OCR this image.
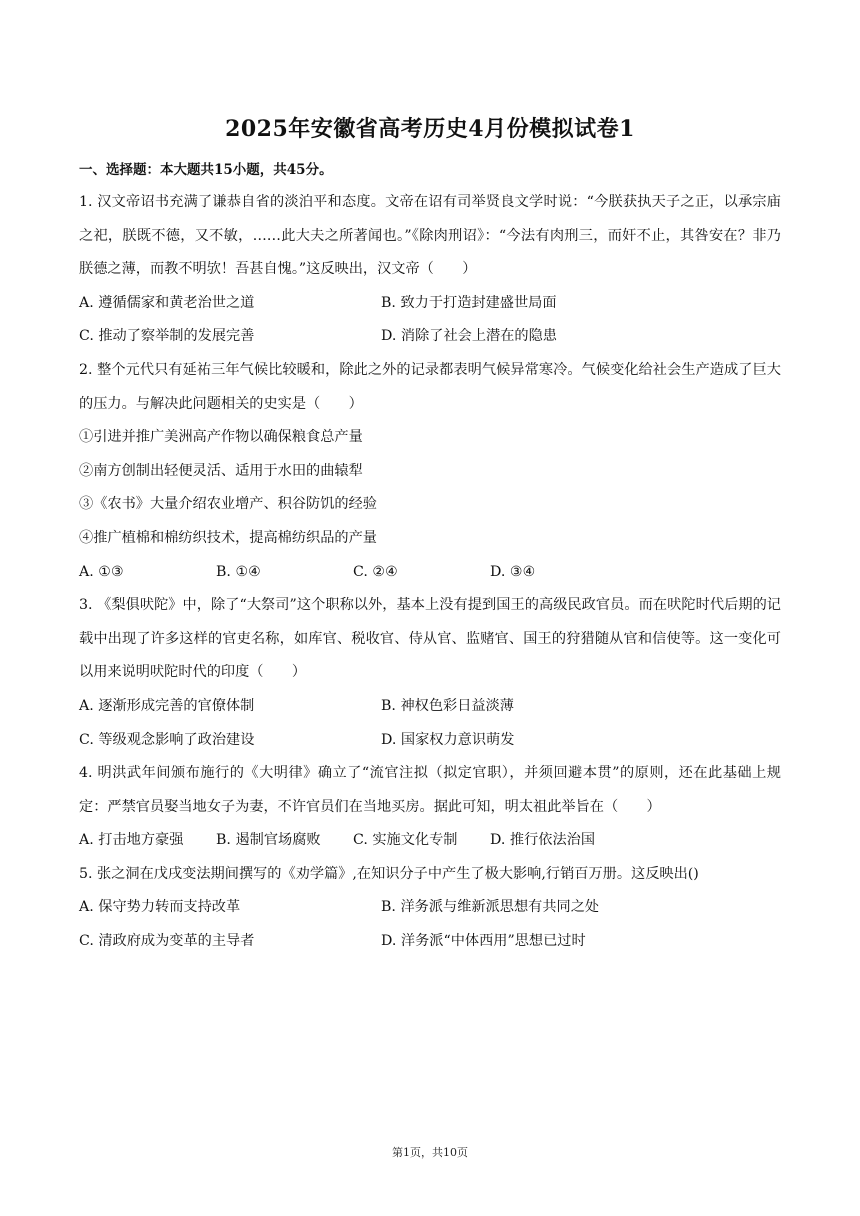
2025年安徽省高考历史4月份模拟试卷1
一、选择题：本大题共15小题，共45分。

1. 汉文帝诏书充满了谦恭自省的淡泊平和态度。文帝在诏有司举贤良文学时说：“今朕获执天子之正，以承宗庙之祀，朕既不德，又不敏，……此大夫之所著闻也。”《除肉刑诏》：“今法有肉刑三，而奸不止，其咎安在？非乃朕德之薄，而教不明欤！吾甚自愧。”这反映出，汉文帝（　　）

A. 遵循儒家和黄老治世之道	B. 致力于打造封建盛世局面
C. 推动了察举制的发展完善	D. 消除了社会上潜在的隐患

2. 整个元代只有延祐三年气候比较暖和，除此之外的记录都表明气候异常寒冷。气候变化给社会生产造成了巨大的压力。与解决此问题相关的史实是（　　）

①引进并推广美洲高产作物以确保粮食总产量

②南方创制出轻便灵活、适用于水田的曲辕犁

③《农书》大量介绍农业增产、积谷防饥的经验

④推广植棉和棉纺织技术，提高棉纺织品的产量

A. ①③	B. ①④	C. ②④	D. ③④

3. 《梨俱吠陀》中，除了“大祭司”这个职称以外，基本上没有提到国王的高级民政官员。而在吠陀时代后期的记载中出现了许多这样的官吏名称，如库官、税收官、侍从官、监赌官、国王的狩猎随从官和信使等。这一变化可以用来说明吠陀时代的印度（　　）

A. 逐渐形成完善的官僚体制	B. 神权色彩日益淡薄
C. 等级观念影响了政治建设	D. 国家权力意识萌发

4. 明洪武年间颁布施行的《大明律》确立了“流官注拟（拟定官职），并须回避本贯”的原则，还在此基础上规定：严禁官员娶当地女子为妻，不许官员们在当地买房。据此可知，明太祖此举旨在（　　）

A. 打击地方豪强	B. 遏制官场腐败	C. 实施文化专制	D. 推行依法治国

5. 张之洞在戊戌变法期间撰写的《劝学篇》,在知识分子中产生了极大影响,行销百万册。这反映出()

A. 保守势力转而支持改革	B. 洋务派与维新派思想有共同之处
C. 清政府成为变革的主导者	D. 洋务派“中体西用”思想已过时
第1页，共10页
